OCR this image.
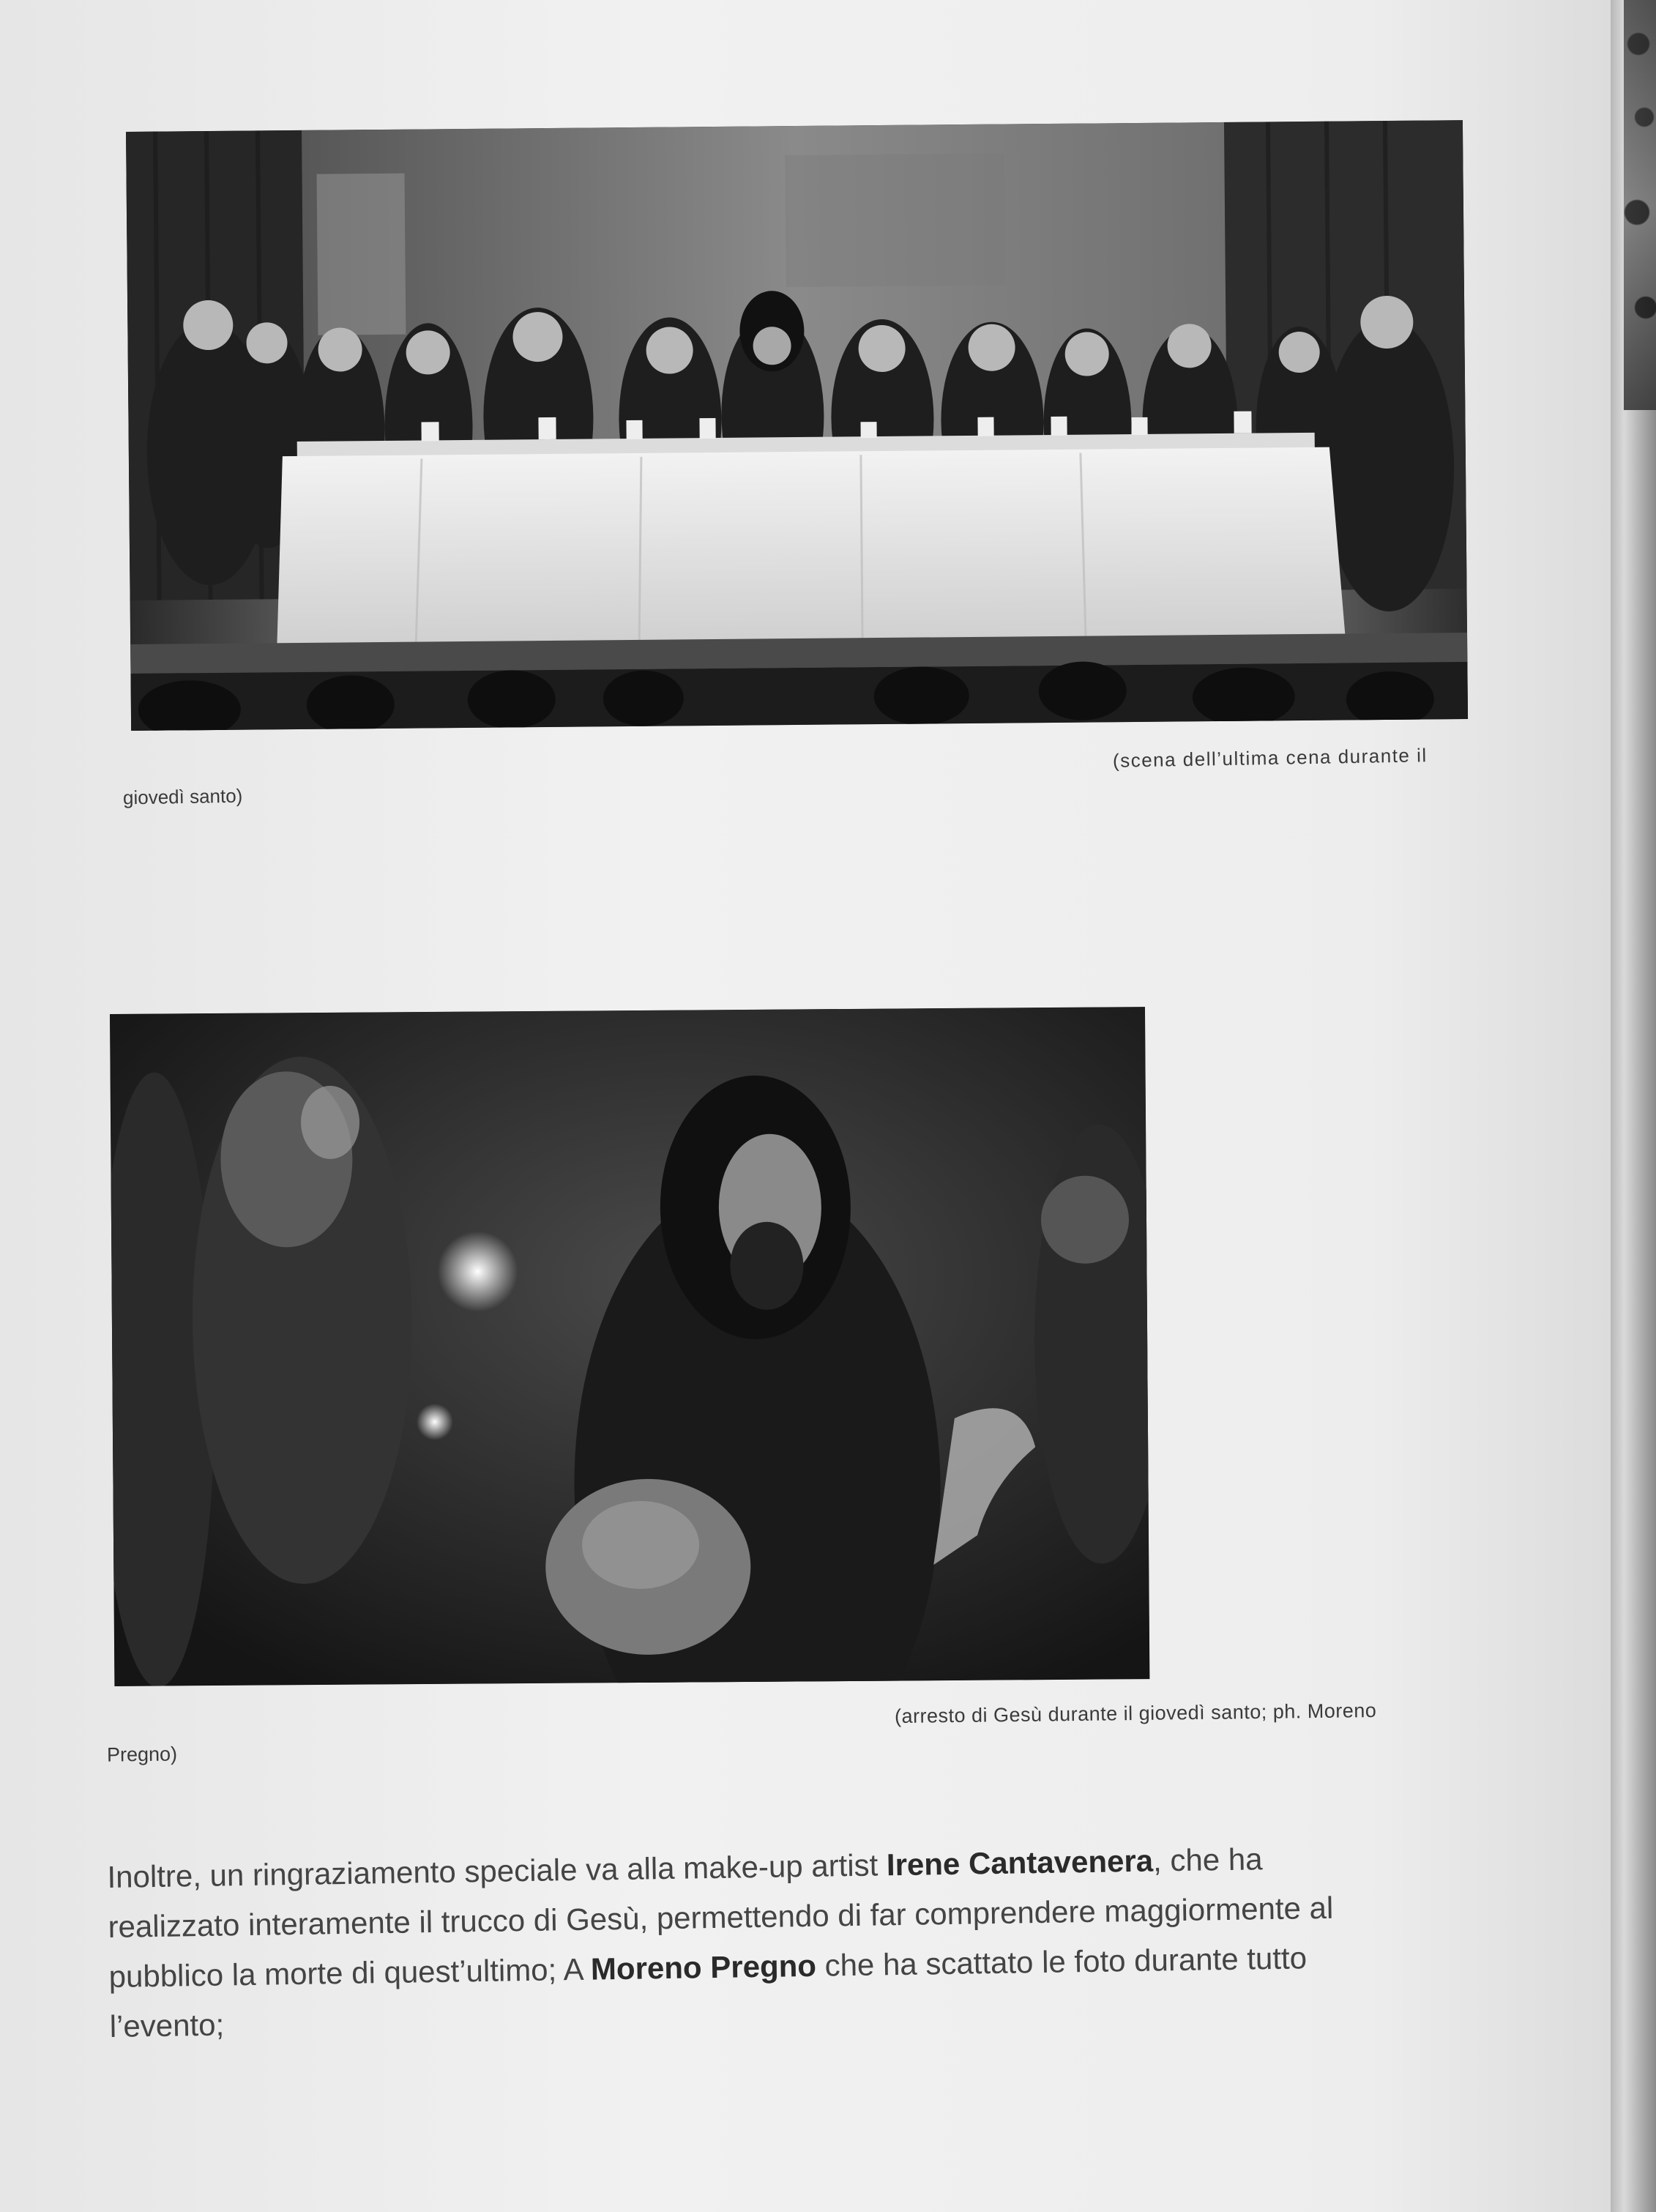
(scena dell’ultima cena durante il
giovedì santo)
(arresto di Gesù durante il giovedì santo; ph. Moreno
Pregno)
Inoltre, un ringraziamento speciale va alla make-up artist Irene Cantavenera, che ha
realizzato interamente il trucco di Gesù, permettendo di far comprendere maggiormente al
pubblico la morte di quest’ultimo; A Moreno Pregno che ha scattato le foto durante tutto
l’evento;
